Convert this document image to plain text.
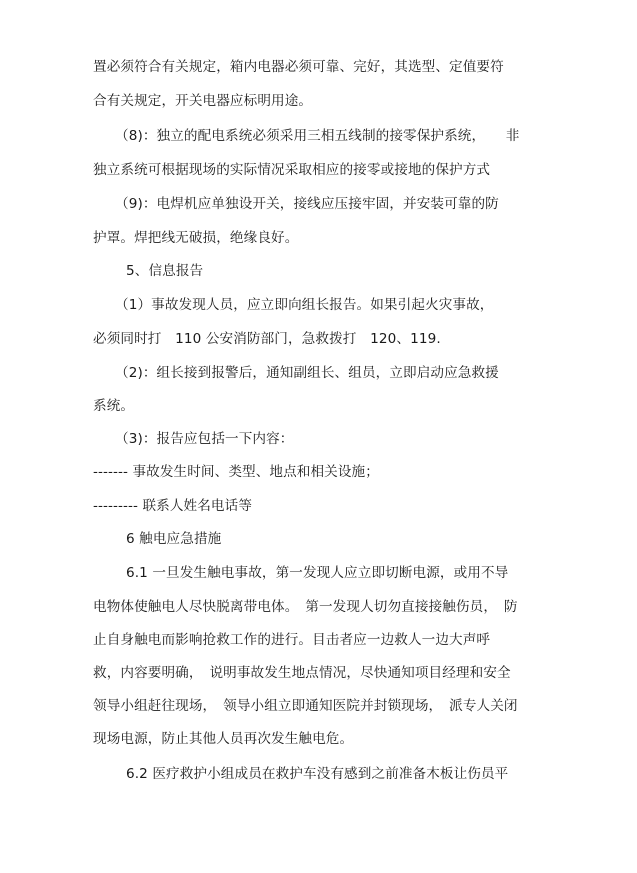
置必须符合有关规定，箱内电器必须可靠、完好，其选型、定值要符
合有关规定，开关电器应标明用途。
（8)：独立的配电系统必须采用三相五线制的接零保护系统，　　非
独立系统可根据现场的实际情况采取相应的接零或接地的保护方式
（9)：电焊机应单独设开关，接线应压接牢固，并安装可靠的防
护罩。焊把线无破损，绝缘良好。
5、信息报告
（1）事故发现人员，应立即向组长报告。如果引起火灾事故，
必须同时打　110 公安消防部门，急救拨打　120、119.
（2)：组长接到报警后，通知副组长、组员，立即启动应急救援
系统。
（3)：报告应包括一下内容：
------- 事故发生时间、类型、地点和相关设施；
--------- 联系人姓名电话等
6 触电应急措施
6.1 一旦发生触电事故，第一发现人应立即切断电源，或用不导
电物体使触电人尽快脱离带电体。　第一发现人切勿直接接触伤员，　防
止自身触电而影响抢救工作的进行。目击者应一边救人一边大声呼
救，内容要明确，　说明事故发生地点情况，尽快通知项目经理和安全
领导小组赶往现场，　领导小组立即通知医院并封锁现场，　派专人关闭
现场电源，防止其他人员再次发生触电危。
6.2 医疗救护小组成员在救护车没有感到之前准备木板让伤员平
